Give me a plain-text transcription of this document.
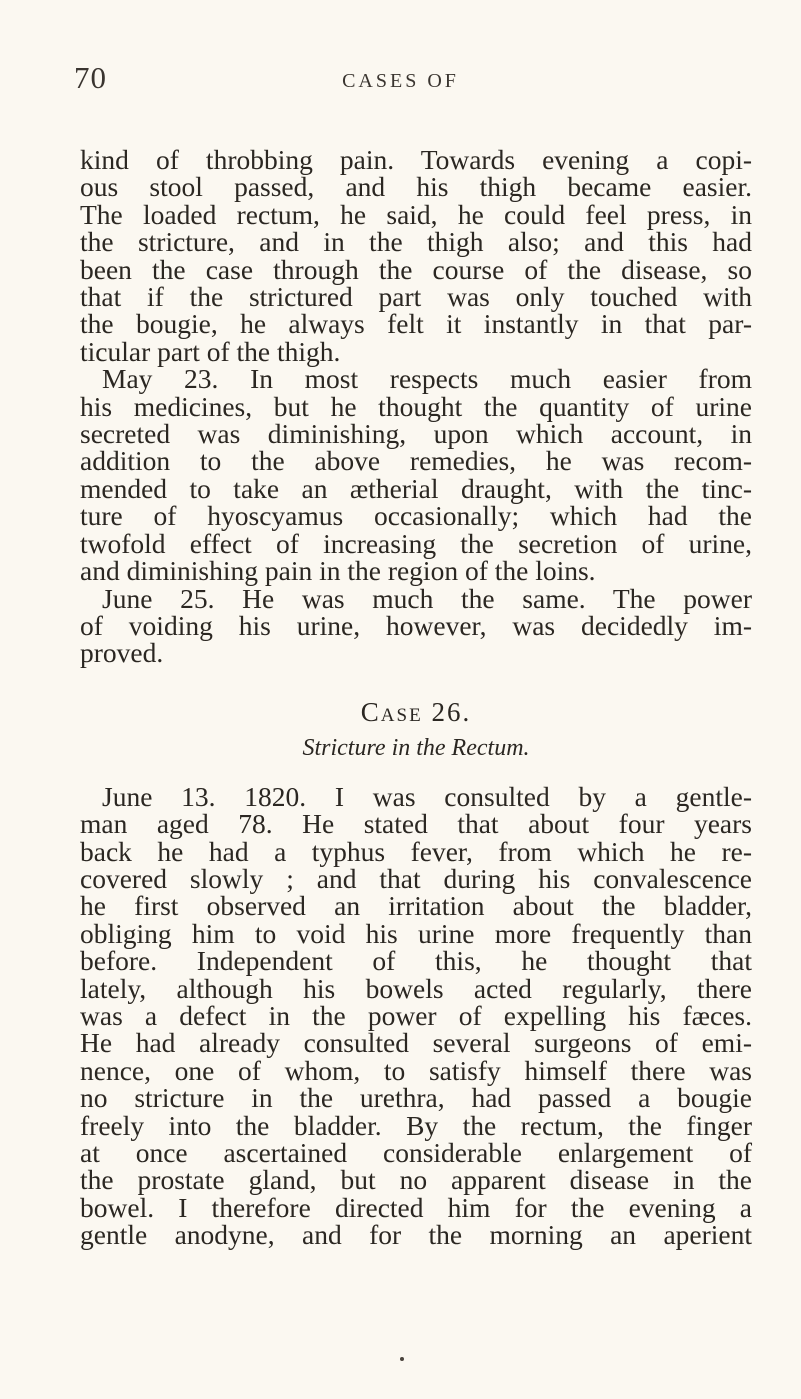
70	CASES OF
kind of throbbing pain. Towards evening a copi-
ous stool passed, and his thigh became easier.
The loaded rectum, he said, he could feel press, in
the stricture, and in the thigh also; and this had
been the case through the course of the disease, so
that if the strictured part was only touched with
the bougie, he always felt it instantly in that par-
ticular part of the thigh.
May 23. In most respects much easier from
his medicines, but he thought the quantity of urine
secreted was diminishing, upon which account, in
addition to the above remedies, he was recom-
mended to take an ætherial draught, with the tinc-
ture of hyoscyamus occasionally; which had the
twofold effect of increasing the secretion of urine,
and diminishing pain in the region of the loins.
June 25. He was much the same. The power
of voiding his urine, however, was decidedly im-
proved.
Case 26.
Stricture in the Rectum.
June 13. 1820. I was consulted by a gentle-
man aged 78. He stated that about four years
back he had a typhus fever, from which he re-
covered slowly ; and that during his convalescence
he first observed an irritation about the bladder,
obliging him to void his urine more frequently than
before. Independent of this, he thought that
lately, although his bowels acted regularly, there
was a defect in the power of expelling his fæces.
He had already consulted several surgeons of emi-
nence, one of whom, to satisfy himself there was
no stricture in the urethra, had passed a bougie
freely into the bladder. By the rectum, the finger
at once ascertained considerable enlargement of
the prostate gland, but no apparent disease in the
bowel. I therefore directed him for the evening a
gentle anodyne, and for the morning an aperient
